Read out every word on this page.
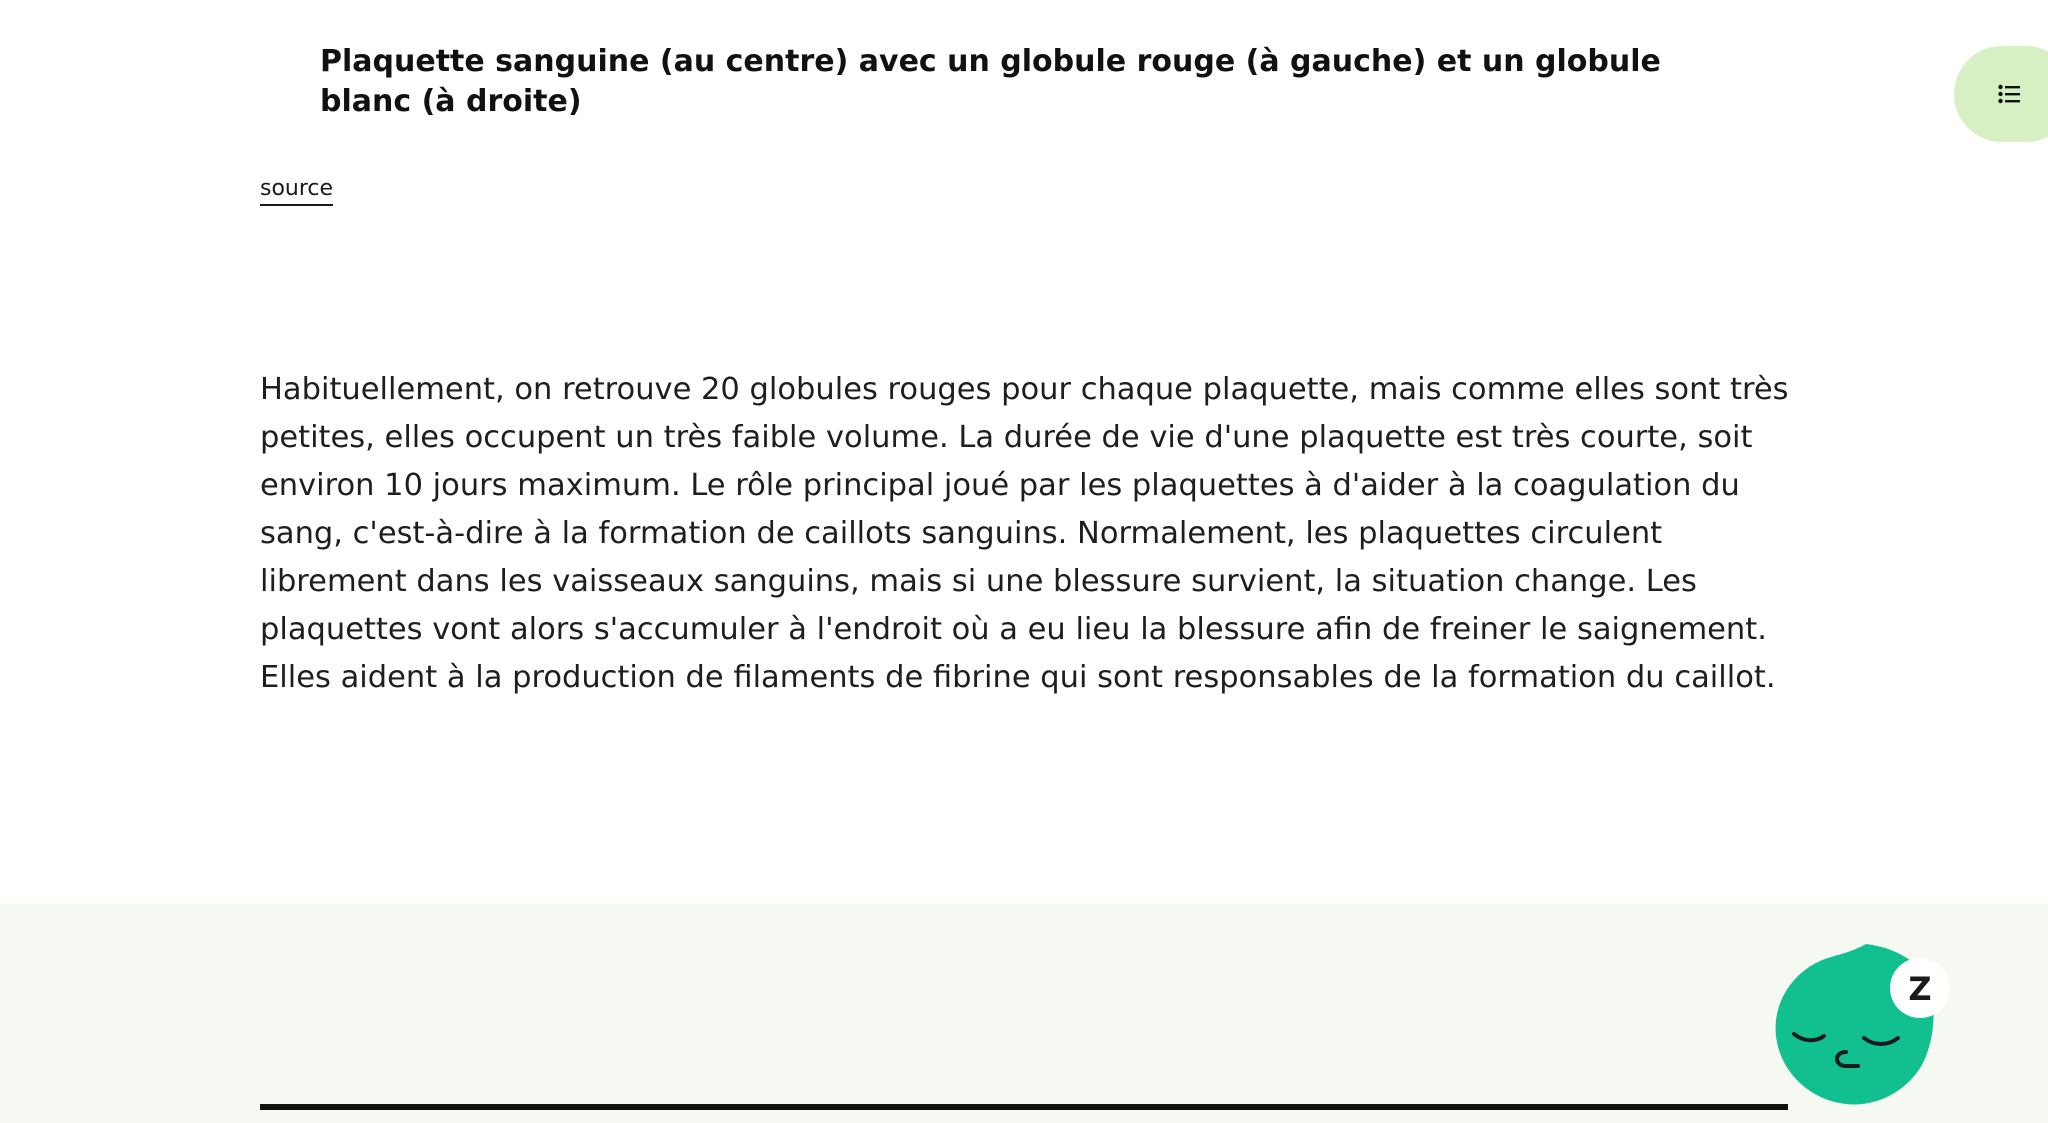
Plaquette sanguine (au centre) avec un globule rouge (à gauche) et un globule blanc (à droite)

source

Habituellement, on retrouve 20 globules rouges pour chaque plaquette, mais comme elles sont très petites, elles occupent un très faible volume. La durée de vie d'une plaquette est très courte, soit environ 10 jours maximum. Le rôle principal joué par les plaquettes à d'aider à la coagulation du sang, c'est-à-dire à la formation de caillots sanguins. Normalement, les plaquettes circulent librement dans les vaisseaux sanguins, mais si une blessure survient, la situation change. Les plaquettes vont alors s'accumuler à l'endroit où a eu lieu la blessure afin de freiner le saignement. Elles aident à la production de filaments de fibrine qui sont responsables de la formation du caillot.

Z
